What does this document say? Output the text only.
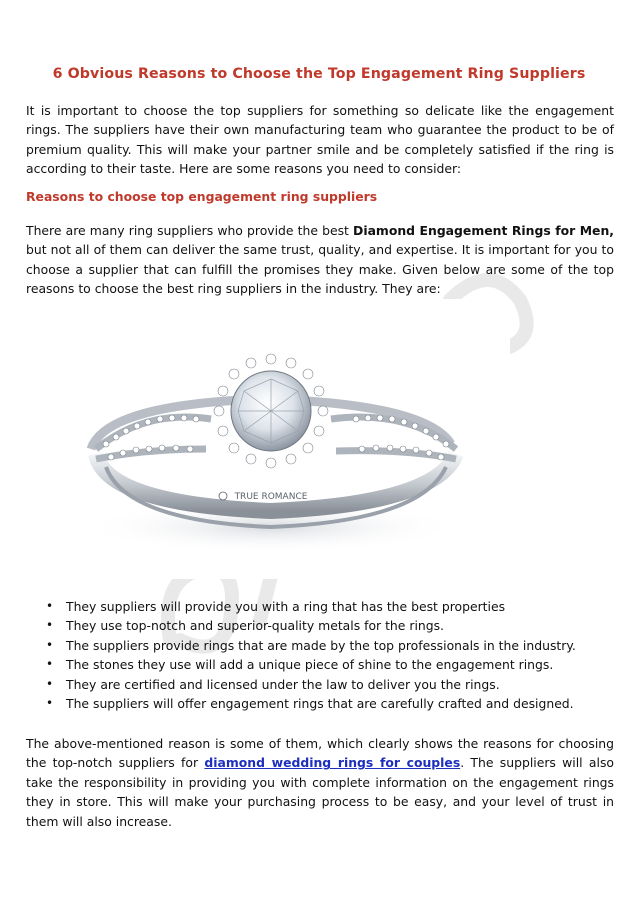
6 Obvious Reasons to Choose the Top Engagement Ring Suppliers

It is important to choose the top suppliers for something so delicate like the engagement rings. The suppliers have their own manufacturing team who guarantee the product to be of premium quality. This will make your partner smile and be completely satisfied if the ring is according to their taste. Here are some reasons you need to consider:

Reasons to choose top engagement ring suppliers

There are many ring suppliers who provide the best Diamond Engagement Rings for Men, but not all of them can deliver the same trust, quality, and expertise. It is important for you to choose a supplier that can fulfill the promises they make. Given below are some of the top reasons to choose the best ring suppliers in the industry. They are:

TRUE ROMANCE
• They suppliers will provide you with a ring that has the best properties
• They use top-notch and superior-quality metals for the rings.
• The suppliers provide rings that are made by the top professionals in the industry.
• The stones they use will add a unique piece of shine to the engagement rings.
• They are certified and licensed under the law to deliver you the rings.
• The suppliers will offer engagement rings that are carefully crafted and designed.

The above-mentioned reason is some of them, which clearly shows the reasons for choosing the top-notch suppliers for diamond wedding rings for couples. The suppliers will also take the responsibility in providing you with complete information on the engagement rings they in store. This will make your purchasing process to be easy, and your level of trust in them will also increase.
